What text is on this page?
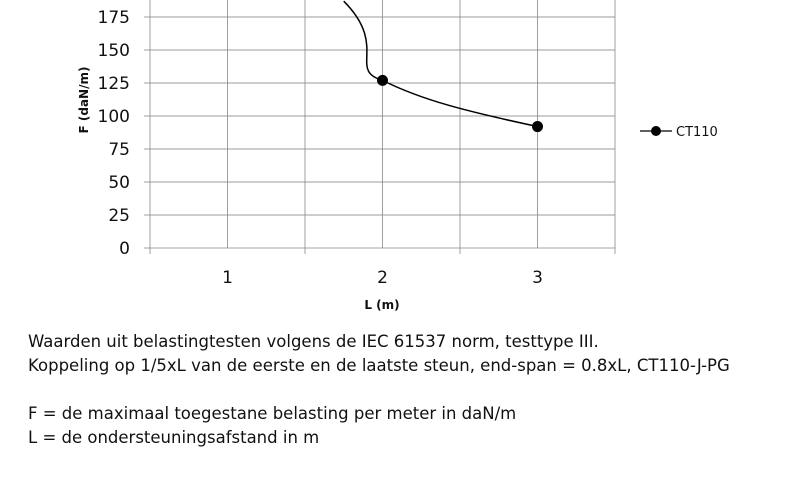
0
25
50
75
100
125
150
175
1	2	3
L (m)
F (daN/m)	CT110

Waarden uit belastingtesten volgens de IEC 61537 norm, testtype III.

Koppeling op 1/5xL van de eerste en de laatste steun, end-span = 0.8xL, CT110-J-PG

F = de maximaal toegestane belasting per meter in daN/m

L = de ondersteuningsafstand in m
